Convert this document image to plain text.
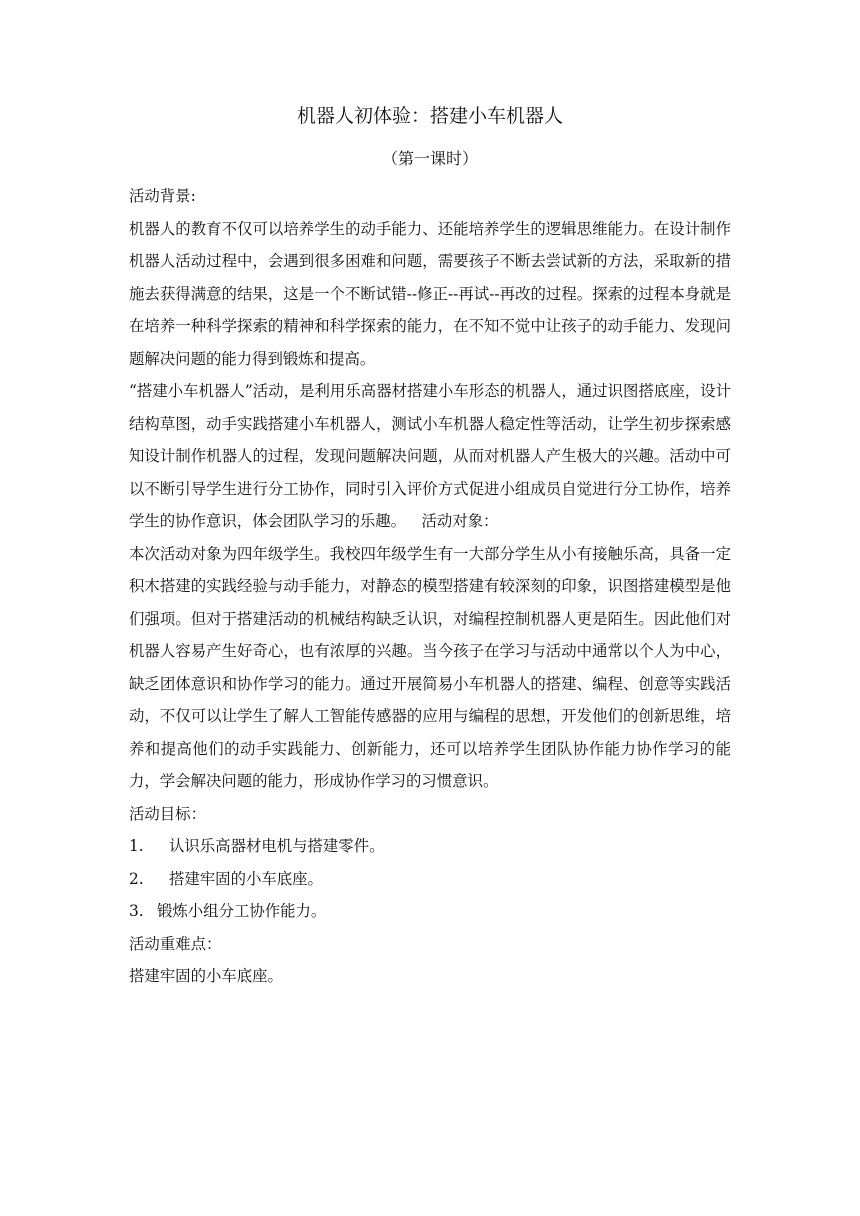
机器人初体验：搭建小车机器人
（第一课时）

活动背景:

机器人的教育不仅可以培养学生的动手能力、还能培养学生的逻辑思维能力。在设计制作机器人活动过程中，会遇到很多困难和问题，需要孩子不断去尝试新的方法，采取新的措施去获得满意的结果，这是一个不断试错--修正--再试--再改的过程。探索的过程本身就是在培养一种科学探索的精神和科学探索的能力，在不知不觉中让孩子的动手能力、发现问题解决问题的能力得到锻炼和提高。

“搭建小车机器人”活动，是利用乐高器材搭建小车形态的机器人，通过识图搭底座，设计结构草图，动手实践搭建小车机器人，测试小车机器人稳定性等活动，让学生初步探索感知设计制作机器人的过程，发现问题解决问题，从而对机器人产生极大的兴趣。活动中可以不断引导学生进行分工协作，同时引入评价方式促进小组成员自觉进行分工协作，培养学生的协作意识，体会团队学习的乐趣。  活动对象：

本次活动对象为四年级学生。我校四年级学生有一大部分学生从小有接触乐高，具备一定积木搭建的实践经验与动手能力，对静态的模型搭建有较深刻的印象，识图搭建模型是他们强项。但对于搭建活动的机械结构缺乏认识，对编程控制机器人更是陌生。因此他们对机器人容易产生好奇心，也有浓厚的兴趣。当今孩子在学习与活动中通常以个人为中心，缺乏团体意识和协作学习的能力。通过开展简易小车机器人的搭建、编程、创意等实践活动，不仅可以让学生了解人工智能传感器的应用与编程的思想，开发他们的创新思维，培养和提高他们的动手实践能力、创新能力，还可以培养学生团队协作能力协作学习的能力，学会解决问题的能力，形成协作学习的习惯意识。

活动目标：

1. 认识乐高器材电机与搭建零件。

2. 搭建牢固的小车底座。

3. 锻炼小组分工协作能力。

活动重难点：

搭建牢固的小车底座。
